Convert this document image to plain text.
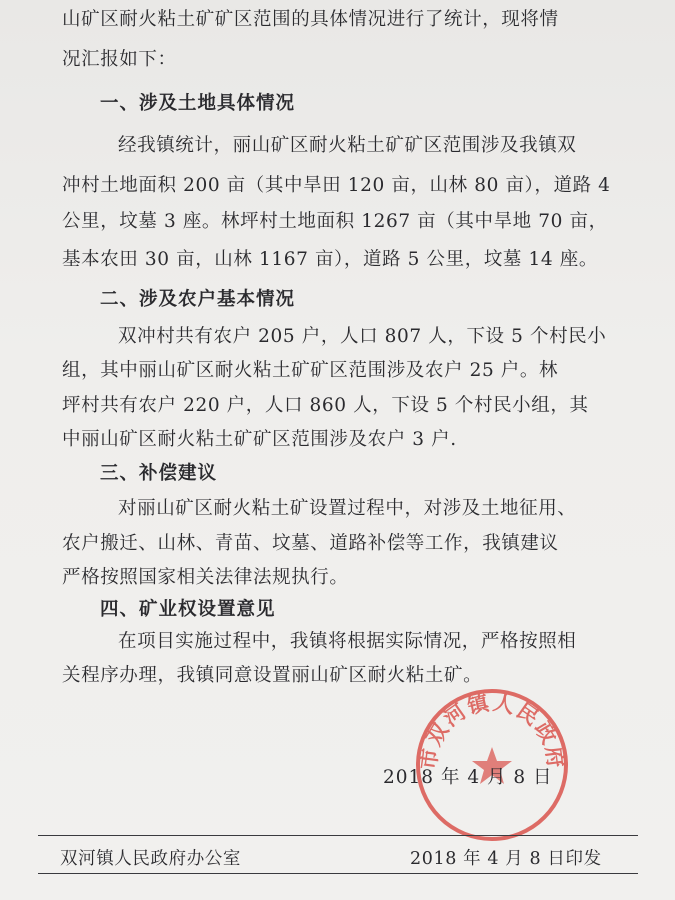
山矿区耐火粘土矿矿区范围的具体情况进行了统计，现将情
况汇报如下：
一、涉及土地具体情况
经我镇统计，丽山矿区耐火粘土矿矿区范围涉及我镇双
冲村土地面积 200 亩（其中旱田 120 亩，山林 80 亩），道路 4
公里，坟墓 3 座。林坪村土地面积 1267 亩（其中旱地 70 亩，
基本农田 30 亩，山林 1167 亩），道路 5 公里，坟墓 14 座。
二、涉及农户基本情况
双冲村共有农户 205 户，人口 807 人，下设 5 个村民小
组，其中丽山矿区耐火粘土矿矿区范围涉及农户 25 户。林
坪村共有农户 220 户，人口 860 人，下设 5 个村民小组，其
中丽山矿区耐火粘土矿矿区范围涉及农户 3 户.
三、补偿建议
对丽山矿区耐火粘土矿设置过程中，对涉及土地征用、
农户搬迁、山林、青苗、坟墓、道路补偿等工作，我镇建议
严格按照国家相关法律法规执行。
四、矿业权设置意见
在项目实施过程中，我镇将根据实际情况，严格按照相
关程序办理，我镇同意设置丽山矿区耐火粘土矿。
市双河镇人民政府
2018 年 4 月 8 日
双河镇人民政府办公室	2018 年 4 月 8 日印发
